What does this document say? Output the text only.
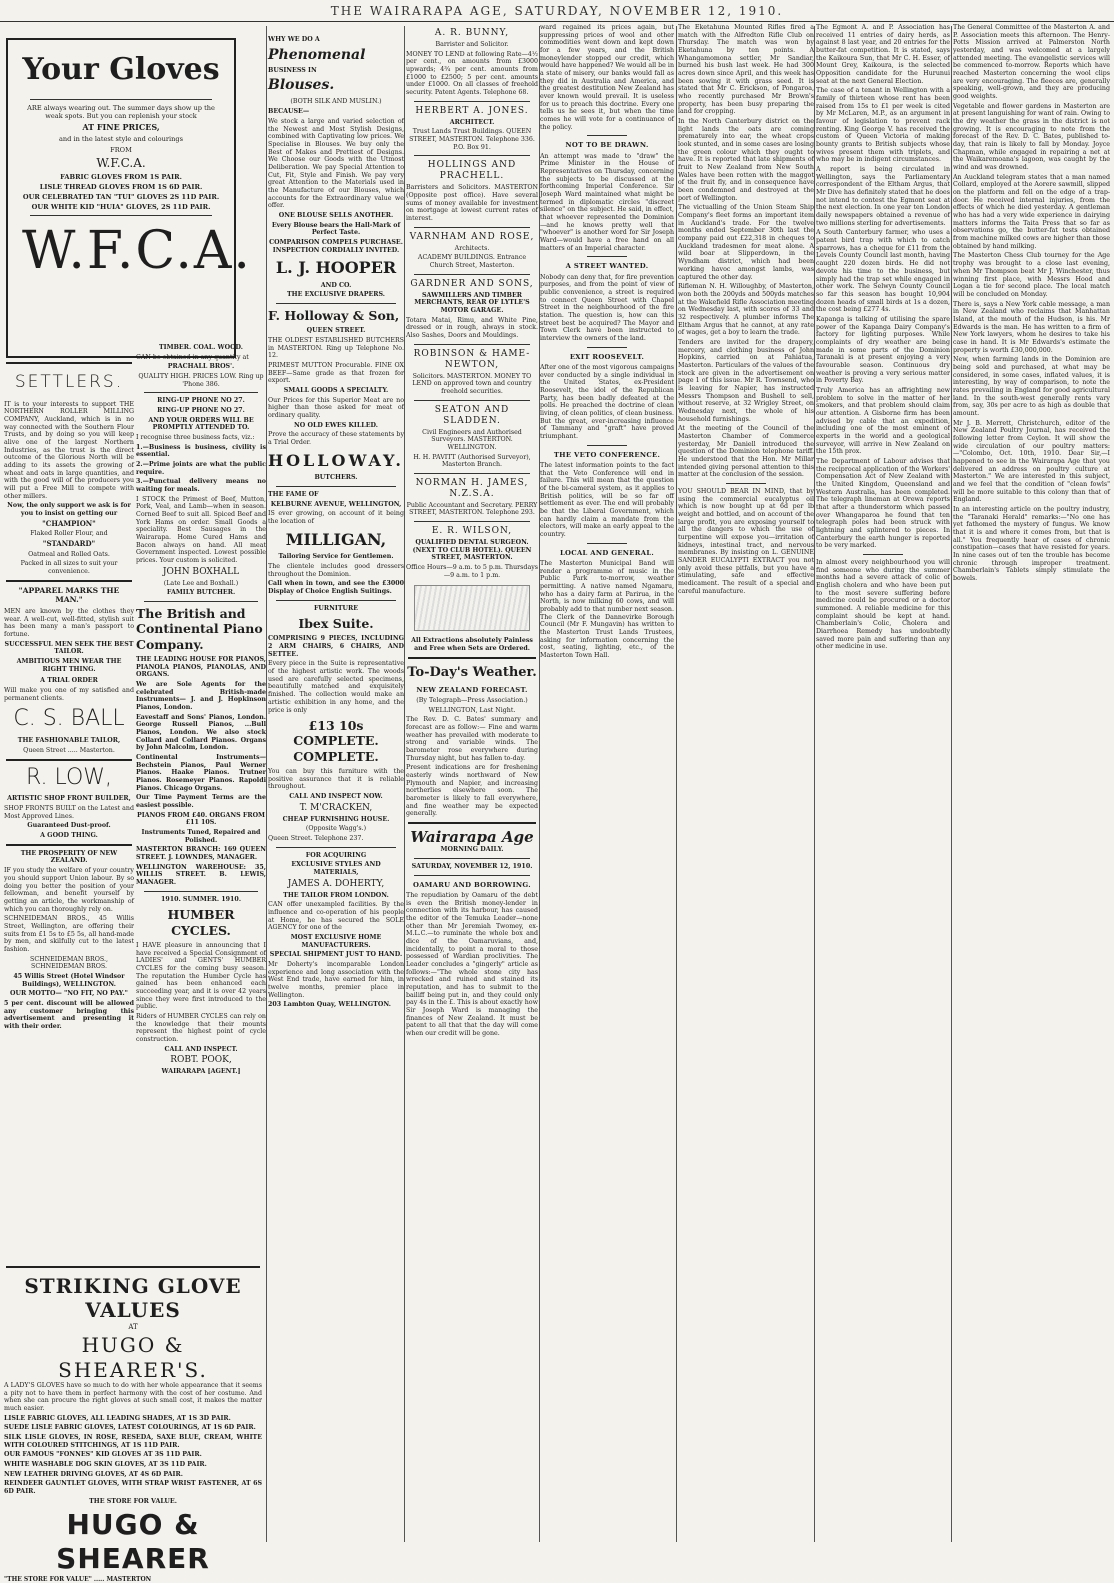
THE WAIRARAPA AGE, SATURDAY, NOVEMBER 12, 1910.
Your Gloves

ARE always wearing out. The summer days show up the weak spots. But you can replenish your stock

AT FINE PRICES,

and in the latest style and colourings

FROM

W.F.C.A.

FABRIC GLOVES FROM 1S PAIR.

LISLE THREAD GLOVES FROM 1S 6D PAIR.

OUR CELEBRATED TAN "TUI" GLOVES 2S 11D PAIR.

OUR WHITE KID "HUIA" GLOVES, 2S 11D PAIR.

W.F.C.A.
SETTLERS.

IT is to your interests to support THE NORTHERN ROLLER MILLING COMPANY, Auckland, which is in no way connected with the Southern Flour Trusts, and by doing so you will keep alive one of the largest Northern Industries, as the trust is the direct outcome of the Glorious North will be adding to its assets the growing of wheat and oats in large quantities, and with the good will of the producers you will put a Free Mill to compete with other millers.

Now, the only support we ask is for you to insist on getting our

"CHAMPION"

Flaked Roller Flour, and

"STANDARD"

Oatmeal and Rolled Oats.

Packed in all sizes to suit your convenience.

"APPAREL MARKS THE MAN."

MEN are known by the clothes they wear. A well-cut, well-fitted, stylish suit has been many a man's passport to fortune.

SUCCESSFUL MEN SEEK THE BEST TAILOR.

AMBITIOUS MEN WEAR THE RIGHT THING.

A TRIAL ORDER

Will make you one of my satisfied and permanent clients.

C. S. BALL

THE FASHIONABLE TAILOR,

Queen Street ..... Masterton.

R. LOW,

ARTISTIC SHOP FRONT BUILDER,

SHOP FRONTS BUILT on the Latest and Most Approved Lines.

Guaranteed Dust-proof.

A GOOD THING.

THE PROSPERITY OF NEW ZEALAND.

IF you study the welfare of your country you should support Union labour. By so doing you better the position of your fellowman, and benefit yourself by getting an article, the workmanship of which you can thoroughly rely on.

SCHNEIDEMAN BROS., 45 Willis Street, Wellington, are offering their suits from £1 5s to £5 5s, all hand-made by men, and skilfully cut to the latest fashion.

SCHNEIDEMAN BROS., SCHNEIDEMAN BROS.

45 Willis Street (Hotel Windsor Buildings), WELLINGTON.

OUR MOTTO— "NO FIT, NO PAY."

5 per cent. discount will be allowed any customer bringing this advertisement and presenting it with their order.

STRIKING GLOVE VALUES

AT

HUGO & SHEARER'S.

A LADY'S GLOVES have so much to do with her whole appearance that it seems a pity not to have them in perfect harmony with the cost of her costume. And when she can procure the right gloves at such small cost, it makes the matter much easier.

LISLE FABRIC GLOVES, ALL LEADING SHADES, AT 1S 3D PAIR.

SUEDE LISLE FABRIC GLOVES, LATEST COLOURINGS, AT 1S 6D PAIR.

SILK LISLE GLOVES, IN ROSE, RESEDA, SAXE BLUE, CREAM, WHITE WITH COLOURED STITCHINGS, AT 1S 11D PAIR.

OUR FAMOUS "FONNES" KID GLOVES AT 3S 11D PAIR.

WHITE WASHABLE DOG SKIN GLOVES, AT 3S 11D PAIR.

NEW LEATHER DRIVING GLOVES, AT 4S 6D PAIR.

REINDEER GAUNTLET GLOVES, WITH STRAP WRIST FASTENER, AT 6S 6D PAIR.

THE STORE FOR VALUE.

HUGO & SHEARER

"THE STORE FOR VALUE" ..... MASTERTON

TIMBER. COAL. WOOD.

CAN be obtained in any quantity at

PRACHALL BROS'.

QUALITY HIGH. PRICES LOW. Ring up 'Phone 386.

RING-UP PHONE NO 27.

RING-UP PHONE NO 27.

AND YOUR ORDERS WILL BE PROMPTLY ATTENDED TO.

I recognise three business facts, viz.:

1.—Business is business, civility is essential.

2.—Prime joints are what the public require.

3.—Punctual delivery means no waiting for meals.

I STOCK the Primest of Beef, Mutton, Pork, Veal, and Lamb—when in season. Corned Beef to suit all. Spiced Beef and York Hams on order. Small Goods a speciality. Best Sausages in the Wairarapa. Home Cured Hams and Bacon always on hand. All meat Government inspected. Lowest possible prices. Your custom is solicited.

JOHN BOXHALL

(Late Lee and Boxhall.)

FAMILY BUTCHER.

The British and Continental Piano Company.

THE LEADING HOUSE FOR PIANOS, PIANOLA PIANOS, PIANOLAS, AND ORGANS.

We are Sole Agents for the celebrated British-made Instruments— J. and J. Hopkinson Pianos, London.

Eavestaff and Sons' Pianos, London. George Russell Pianos, ...Bull Pianos, London. We also stock Collard and Collard Pianos. Organs by John Malcolm, London.

Continental Instruments— Bechstein Pianos, Paul Werner Pianos. Haake Pianos. Trutner Pianos. Rosemeyer Pianos. Rapoldi Pianos. Chicago Organs.

Our Time Payment Terms are the easiest possible.

PIANOS FROM £40. ORGANS FROM £11 10S.

Instruments Tuned, Repaired and Polished.

MASTERTON BRANCH: 169 QUEEN STREET. J. LOWNDES, MANAGER.

WELLINGTON WAREHOUSE: 35, WILLIS STREET. B. LEWIS, MANAGER.

1910. SUMMER. 1910.

HUMBER CYCLES.

I HAVE pleasure in announcing that I have received a Special Consignment of LADIES' and GENTS' HUMBER CYCLES for the coming busy season. The reputation the Humber Cycle has gained has been enhanced each succeeding year, and it is over 42 years since they were first introduced to the public.

Riders of HUMBER CYCLES can rely on the knowledge that their mounts represent the highest point of cycle construction.

CALL AND INSPECT.

ROBT. POOK,

WAIRARAPA [AGENT.]

WHY WE DO A

Phenomenal

BUSINESS IN

Blouses.

(BOTH SILK AND MUSLIN.)

BECAUSE—

We stock a large and varied selection of the Newest and Most Stylish Designs, combined with Captivating low prices. We Specialise in Blouses. We buy only the Best of Makes and Prettiest of Designs. We Choose our Goods with the Utmost Deliberation. We pay Special Attention to Cut, Fit, Style and Finish. We pay very great Attention to the Materials used in the Manufacture of our Blouses, which accounts for the Extraordinary value we offer.

ONE BLOUSE SELLS ANOTHER.

Every Blouse bears the Hall-Mark of Perfect Taste.

COMPARISON COMPELS PURCHASE. INSPECTION CORDIALLY INVITED.

L. J. HOOPER

AND CO.

THE EXCLUSIVE DRAPERS.

F. Holloway & Son,

QUEEN STREET.

THE OLDEST ESTABLISHED BUTCHERS in MASTERTON. Ring up Telephone No. 12.

PRIMEST MUTTON Procurable. FINE OX BEEF—Same grade as that frozen for export.

SMALL GOODS A SPECIALTY.

Our Prices for this Superior Meat are no higher than those asked for meat of ordinary quality.

NO OLD EWES KILLED.

Prove the accuracy of these statements by a Trial Order.

HOLLOWAY.

BUTCHERS.

THE FAME OF

KELBURNE AVENUE, WELLINGTON,

IS ever growing, on account of it being the location of

MILLIGAN,

Tailoring Service for Gentlemen.

The clientele includes good dressers throughout the Dominion.

Call when in town, and see the £3000 Display of Choice English Suitings.

FURNITURE

Ibex Suite.

COMPRISING 9 PIECES, INCLUDING 2 ARM CHAIRS, 6 CHAIRS, AND SETTEE.

Every piece in the Suite is representative of the highest artistic work. The woods used are carefully selected specimens, beautifully matched and exquisitely finished. The collection would make an artistic exhibition in any home, and the price is only

£13 10s COMPLETE. COMPLETE.

You can buy this furniture with the positive assurance that it is reliable throughout.

CALL AND INSPECT NOW.

T. M'CRACKEN,

CHEAP FURNISHING HOUSE.

(Opposite Wagg's.)

Queen Street. Telephone 237.

FOR ACQUIRING

EXCLUSIVE STYLES AND MATERIALS,

JAMES A. DOHERTY,

THE TAILOR FROM LONDON.

CAN offer unexampled facilities. By the influence and co-operation of his people at Home, he has secured the SOLE AGENCY for one of the

MOST EXCLUSIVE HOME MANUFACTURERS.

SPECIAL SHIPMENT JUST TO HAND.

Mr Doherty's incomparable London experience and long association with the West End trade, have earned for him, in twelve months, premier place in Wellington.

203 Lambton Quay, WELLINGTON.

A. R. BUNNY,

Barrister and Solicitor.

MONEY TO LEND at following Rate—4½ per cent., on amounts from £3000 upwards; 4¾ per cent. amounts from £1000 to £2500; 5 per cent. amounts under £1000. On all classes of freehold security. Patent Agents. Telephone 68.

HERBERT A. JONES.

ARCHITECT.

Trust Lands Trust Buildings. QUEEN STREET, MASTERTON. Telephone 336. P.O. Box 91.

HOLLINGS AND PRACHELL.

Barristers and Solicitors. MASTERTON (Opposite post office). Have several sums of money available for investment on mortgage at lowest current rates of interest.

VARNHAM AND ROSE,

Architects.

ACADEMY BUILDINGS. Entrance Church Street, Masterton.

GARDNER AND SONS,

SAWMILLERS AND TIMBER MERCHANTS, REAR OF LYTLE'S MOTOR GARAGE.

Totara Matai, Rimu, and White Pine, dressed or in rough, always in stock. Also Sashes, Doors and Mouldings.

ROBINSON & HAME-NEWTON,

Solicitors. MASTERTON. MONEY TO LEND on approved town and country freehold securities.

SEATON AND SLADDEN.

Civil Engineers and Authorised Surveyors. MASTERTON. WELLINGTON.

H. H. PAVITT (Authorised Surveyor), Masterton Branch.

NORMAN H. JAMES, N.Z.S.A.

Public Accountant and Secretary. PERRY STREET, MASTERTON. Telephone 293.

E. R. WILSON,

QUALIFIED DENTAL SURGEON. (NEXT TO CLUB HOTEL). QUEEN STREET, MASTERTON.

Office Hours—9 a.m. to 5 p.m. Thursdays—9 a.m. to 1 p.m.

All Extractions absolutely Painless and Free when Sets are Ordered.

To-Day's Weather.

NEW ZEALAND FORECAST.

(By Telegraph—Press Association.)

WELLINGTON, Last Night.

The Rev. D. C. Bates' summary and forecast are as follow:— Fine and warm weather has prevailed with moderate to strong and variable winds. The barometer rose everywhere during Thursday night, but has fallen to-day.

Present indications are for freshening easterly winds northward of New Plymouth and Napier, and increasing northerlies elsewhere soon. The barometer is likely to fall everywhere, and fine weather may be expected generally.

Wairarapa Age

MORNING DAILY.

SATURDAY, NOVEMBER 12, 1910.

OAMARU AND BORROWING.

The repudiation by Oamaru of the debt is even the British money-lender in connection with its harbour, has caused the editor of the Temuka Leader—none other than Mr Jeremiah Twomey, ex-M.L.C.—to ruminate the whole box and dice of the Oamaruvians, and, incidentally, to point a moral to those possessed of Wardian proclivities. The Leader concludes a "gingerly" article as follows:—"The whole stone city has wrecked and ruined and stained its reputation, and has to submit to the bailiff being put in, and they could only pay 4s in the £. This is about exactly how Sir Joseph Ward is managing the finances of New Zealand. It must be patent to all that that the day will come when our credit will be gone.

ward regained its prices again, but suppressing prices of wool and other commodities went down and kept down for a few years, and the British moneylender stopped our credit, which would have happened? We would all be in a state of misery, our banks would fall as they did in Australia and America, and the greatest destitution New Zealand has ever known would prevail. It is useless for us to preach this doctrine. Every one tells us he sees it, but when the time comes he will vote for a continuance of the policy.

NOT TO BE DRAWN.

An attempt was made to "draw" the Prime Minister in the House of Representatives on Thursday, concerning the subjects to be discussed at the forthcoming Imperial Conference. Sir Joseph Ward maintained what might be termed in diplomatic circles "discreet silence" on the subject. He said, in effect, that whoever represented the Dominion—and he knows pretty well that "whoever" is another word for Sir Joseph Ward—would have a free hand on all matters of an Imperial character.

A STREET WANTED.

Nobody can deny that, for fire prevention purposes, and from the point of view of public convenience, a street is required to connect Queen Street with Chapel Street in the neighbourhood of the fire station. The question is, how can this street best be acquired? The Mayor and Town Clerk have been instructed to interview the owners of the land.

EXIT ROOSEVELT.

After one of the most vigorous campaigns ever conducted by a single individual in the United States, ex-President Roosevelt, the idol of the Republican Party, has been badly defeated at the polls. He preached the doctrine of clean living, of clean politics, of clean business. But the great, ever-increasing influence of Tammany and "graft" have proved triumphant.

THE VETO CONFERENCE.

The latest information points to the fact that the Veto Conference will end in failure. This will mean that the question of the bi-cameral system, as it applies to British politics, will be so far off settlement as ever. The end will probably be that the Liberal Government, which can hardly claim a mandate from the electors, will make an early appeal to the country.

LOCAL AND GENERAL.

The Masterton Municipal Band will render a programme of music in the Public Park to-morrow, weather permitting. A native named Ngamaru, who has a dairy farm at Parirua, in the North, is now milking 60 cows, and will probably add to that number next season. The Clerk of the Dannevirke Borough Council (Mr F. Mungavin) has written to the Masterton Trust Lands Trustees, asking for information concerning the cost, seating, lighting, etc., of the Masterton Town Hall.

The Eketahuna Mounted Rifles fired a match with the Alfredton Rifle Club on Thursday. The match was won by Eketahuna by ten points. A Whangamomona settler, Mr Sandiar, burned his bush last week. He had 300 acres down since April, and this week has been sowing it with grass seed. It is stated that Mr C. Erickson, of Pongaroa, who recently purchased Mr Brown's property, has been busy preparing the land for cropping.

In the North Canterbury district on the light lands the oats are coming prematurely into ear, the wheat crops look stunted, and in some cases are losing the green colour which they ought to have. It is reported that late shipments of fruit to New Zealand from New South Wales have been rotten with the maggot of the fruit fly, and in consequence have been condemned and destroyed at the port of Wellington.

The victualling of the Union Steam Ship Company's fleet forms an important item in Auckland's trade. For the twelve months ended September 30th last the company paid out £22,318 in cheques to Auckland tradesmen for meat alone. A wild boar at Slipperdown, in the Wyndham district, which had been working havoc amongst lambs, was captured the other day.

Rifleman N. H. Willoughby, of Masterton, won both the 200yds and 500yds matches at the Wakefield Rifle Association meeting on Wednesday last, with scores of 33 and 32 respectively. A plumber informs The Eltham Argus that he cannot, at any rate of wages, get a boy to learn the trade.

Tenders are invited for the drapery, mercery, and clothing business of John Hopkins, carried on at Pahiatua, Masterton. Particulars of the values of the stock are given in the advertisement on page 1 of this issue. Mr R. Townsend, who is leaving for Napier, has instructed Messrs Thompson and Bushell to sell, without reserve, at 32 Wrigley Street, on Wednesday next, the whole of his household furnishings.

At the meeting of the Council of the Masterton Chamber of Commerce yesterday, Mr Daniell introduced the question of the Dominion telephone tariff. He understood that the Hon. Mr Millar intended giving personal attention to this matter at the conclusion of the session.

YOU SHOULD BEAR IN MIND, that by using the commercial eucalyptus oil which is now bought up at 6d per lb weight and bottled, and on account of the large profit, you are exposing yourself to all the dangers to which the use of turpentine will expose you—irritation of kidneys, intestinal tract, and nervous membranes. By insisting on L. GENUINE SANDER EUCALYPTI EXTRACT you not only avoid these pitfalls, but you have a stimulating, safe and effective medicament. The result of a special and careful manufacture.

The Egmont A. and P. Association has received 11 entries of dairy herds, as against 8 last year, and 20 entries for the butter-fat competition. It is stated, says the Kaikoura Sun, that Mr C. H. Esser, of Mount Grey, Kaikoura, is the selected Opposition candidate for the Hurunui seat at the next General Election.

The case of a tenant in Wellington with a family of thirteen whose rent has been raised from 15s to £1 per week is cited by Mr McLaren, M.P., as an argument in favour of legislation to prevent rack renting. King George V. has received the custom of Queen Victoria of making bounty grants to British subjects whose wives present them with triplets, and who may be in indigent circumstances.

A report is being circulated in Wellington, says the Parliamentary correspondent of the Eltham Argus, that Mr Dive has definitely stated that he does not intend to contest the Egmont seat at the next election. In one year ten London daily newspapers obtained a revenue of two millions sterling for advertisements.

A South Canterbury farmer, who uses a patent bird trap with which to catch sparrows, has a cheque for £11 from the Levels County Council last month, having caught 220 dozen birds. He did not devote his time to the business, but simply had the trap set while engaged in other work. The Selwyn County Council so far this season has bought 10,904 dozen heads of small birds at 1s a dozen, the cost being £277 4s.

Kapanga is talking of utilising the spare power of the Kapanga Dairy Company's factory for lighting purposes. While complaints of dry weather are being made in some parts of the Dominion Taranaki is at present enjoying a very favourable season. Continuous dry weather is proving a very serious matter in Poverty Bay.

Truly America has an affrighting new problem to solve in the matter of her smokers, and that problem should claim our attention. A Gisborne firm has been advised by cable that an expedition, including one of the most eminent of experts in the world and a geological surveyor, will arrive in New Zealand on the 15th prox.

The Department of Labour advises that the reciprocal application of the Workers' Compensation Act of New Zealand with the United Kingdom, Queensland and Western Australia, has been completed. The telegraph lineman at Orewa reports that after a thunderstorm which passed over Whangaparoa he found that ten telegraph poles had been struck with lightning and splintered to pieces. In Canterbury the earth hunger is reported to be very marked.

In almost every neighbourhood you will find someone who during the summer months had a severe attack of colic of English cholera and who have been put to the most severe suffering before medicine could be procured or a doctor summoned. A reliable medicine for this complaint should be kept at hand. Chamberlain's Colic, Cholera and Diarrhoea Remedy has undoubtedly saved more pain and suffering than any other medicine in use.

The General Committee of the Masterton A. and P. Association meets this afternoon. The Henry-Potts Mission arrived at Palmerston North yesterday, and was welcomed at a largely attended meeting. The evangelistic services will be commenced to-morrow. Reports which have reached Masterton concerning the wool clips are very encouraging. The fleeces are, generally speaking, well-grown, and they are producing good weights.

Vegetable and flower gardens in Masterton are at present languishing for want of rain. Owing to the dry weather the grass in the district is not growing. It is encouraging to note from the forecast of the Rev. D. C. Bates, published to-day, that rain is likely to fall by Monday. Joyce Chapman, while engaged in repairing a net at the Waikaremoana's lagoon, was caught by the wind and was drowned.

An Auckland telegram states that a man named Collard, employed at the Aorere sawmill, slipped on the platform and fell on the edge of a trap-door. He received internal injuries, from the effects of which he died yesterday. A gentleman who has had a very wide experience in dairying matters informs the Taita Press that so far as observations go, the butter-fat tests obtained from machine milked cows are higher than those obtained by hand milking.

The Masterton Chess Club tourney for the Age trophy was brought to a close last evening, when Mr Thompson beat Mr J. Winchester, thus winning first place, with Messrs Hood and Logan a tie for second place. The local match will be concluded on Monday.

There is, says a New York cable message, a man in New Zealand who reclaims that Manhattan Island, at the mouth of the Hudson, is his. Mr Edwards is the man. He has written to a firm of New York lawyers, whom he desires to take his case in hand. It is Mr Edwards's estimate the property is worth £30,000,000.

New, when farming lands in the Dominion are being sold and purchased, at what may be considered, in some cases, inflated values, it is interesting, by way of comparison, to note the rates prevailing in England for good agricultural land. In the south-west generally rents vary from, say, 30s per acre to as high as double that amount.

Mr J. B. Merrett, Christchurch, editor of the New Zealand Poultry Journal, has received the following letter from Ceylon. It will show the wide circulation of our poultry matters:—"Colombo, Oct. 10th, 1910. Dear Sir,—I happened to see in the Wairarapa Age that you delivered an address on poultry culture at Masterton." We are interested in this subject, and we feel that the condition of "clean fowls" will be more suitable to this colony than that of England.

In an interesting article on the poultry industry, the "Taranaki Herald" remarks:—"No one has yet fathomed the mystery of fungus. We know that it is and where it comes from, but that is all." You frequently hear of cases of chronic constipation—cases that have resisted for years. In nine cases out of ten the trouble has become chronic through improper treatment. Chamberlain's Tablets simply stimulate the bowels.
